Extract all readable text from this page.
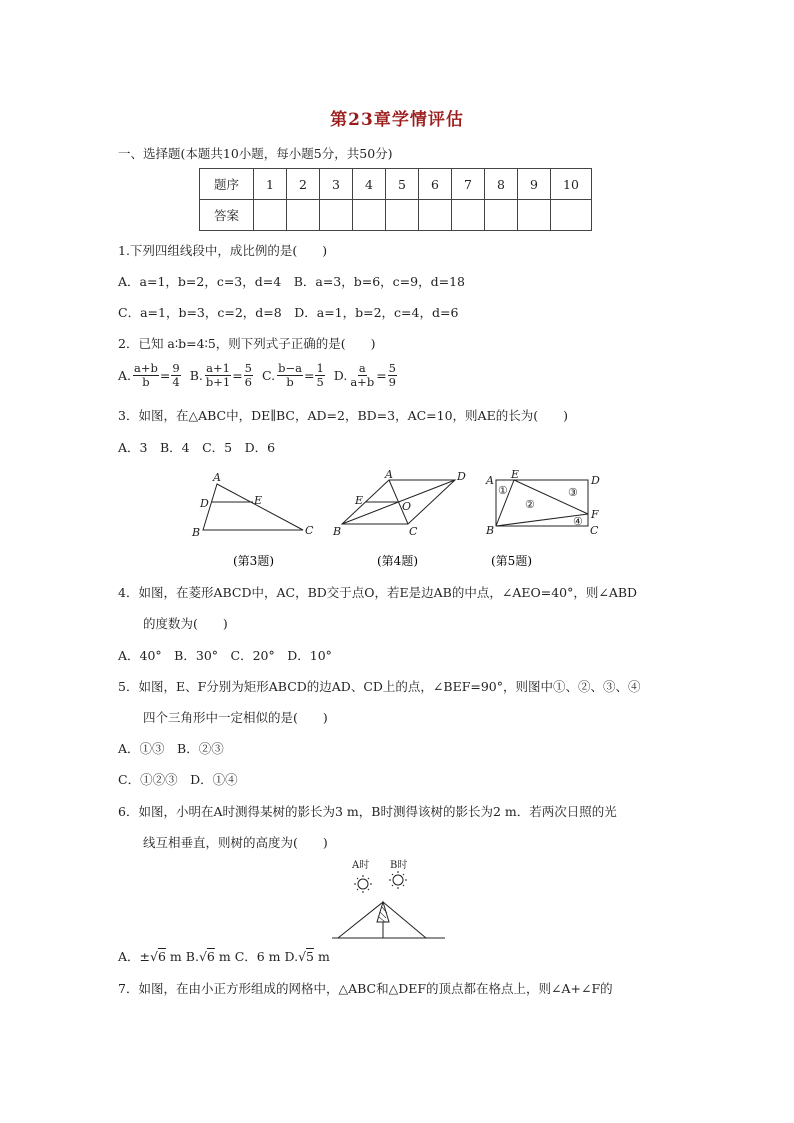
第23章学情评估
一、选择题(本题共10小题，每小题5分，共50分)
题序	1	2	3	4	5	6	7	8	9	10
答案										
1.下列四组线段中，成比例的是(　　)
A．a=1，b=2，c=3，d=4　B．a=3，b=6，c=9，d=18
C．a=1，b=3，c=2，d=8　D．a=1，b=2，c=4，d=6
2．已知 a∶b=4∶5，则下列式子正确的是(　　)
A. $\frac{a+b}{b} = \frac{9}{4} B$. $\frac{a+1}{b+1} = \frac{5}{6} C$. $\frac{b-a}{b} = \frac{1}{5} D$. $\frac{a}{a+b} = \frac{5}{9}$
3．如图，在△ABC中，DE∥BC，AD=2，BD=3，AC=10，则AE的长为(　　)
A．3　B．4　C．5　D．6
A
B	C
D	E
(第3题)
A
B	C
D
E	O
(第4题)
A
B	C
D
E
F
①
②
③
④
(第5题)
4．如图，在菱形ABCD中，AC，BD交于点O，若E是边AB的中点，∠AEO=40°，则∠ABD
的度数为(　　)
A．40°　B．30°　C．20°　D．10°
5．如图，E、F分别为矩形ABCD的边AD、CD上的点，∠BEF=90°，则图中①、②、③、④
四个三角形中一定相似的是(　　)
A．①③　B．②③
C．①②③　D．①④
6．如图，小明在A时测得某树的影长为3 m，B时测得该树的影长为2 m．若两次日照的光
线互相垂直，则树的高度为(　　)
A时 B时
A．±√6 m B.√6 m C．6 m D.√5 m
7．如图，在由小正方形组成的网格中，△ABC和△DEF的顶点都在格点上，则∠A+∠F的
